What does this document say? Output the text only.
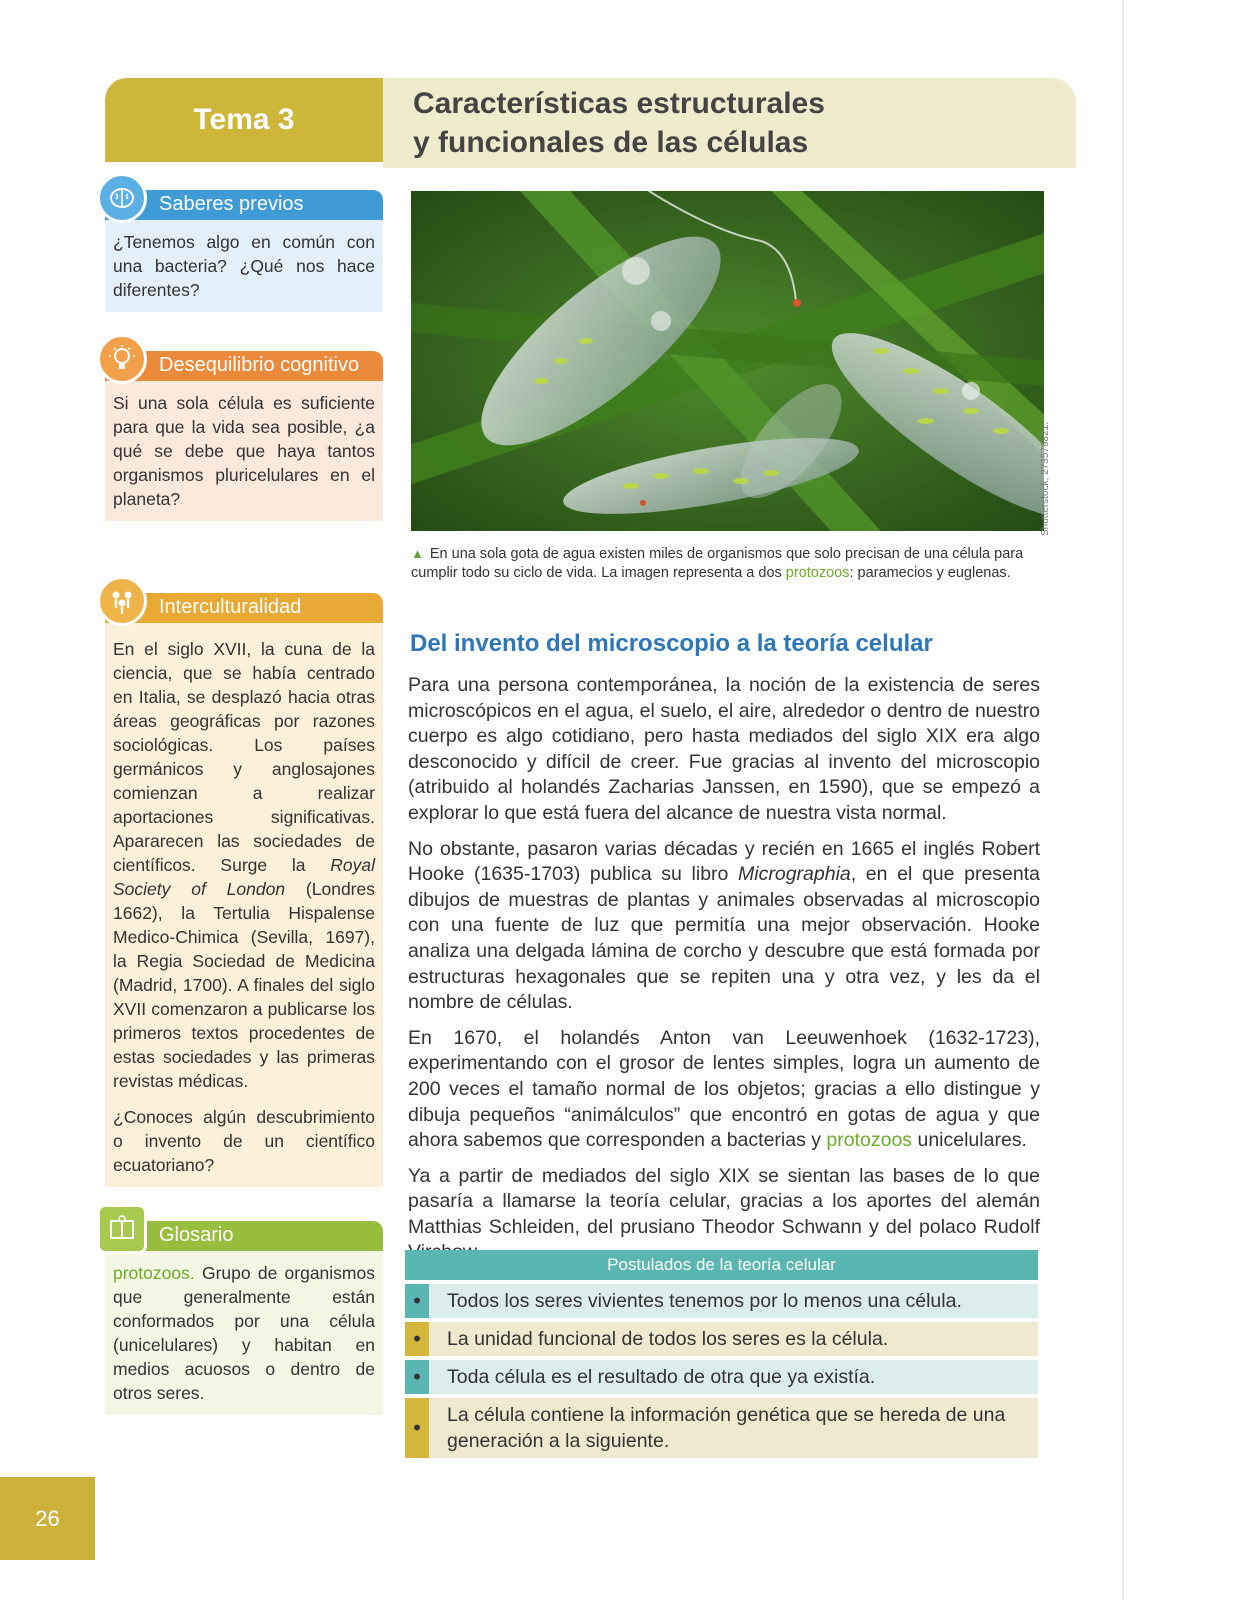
Tema 3	Características estructurales
y funcionales de las células
Saberes previos
¿Tenemos algo en común con una bacteria? ¿Qué nos hace diferentes?
Desequilibrio cognitivo
Si una sola célula es suficiente para que la vida sea posible, ¿a qué se debe que haya tantos organismos pluricelulares en el planeta?
Interculturalidad

En el siglo XVII, la cuna de la ciencia, que se había centrado en Italia, se desplazó hacia otras áreas geográficas por razones sociológicas. Los países germánicos y anglosajones comienzan a realizar aportaciones significativas. Apararecen las sociedades de científicos. Surge la Royal Society of London (Londres 1662), la Tertulia Hispalense Medico-Chimica (Sevilla, 1697), la Regia Sociedad de Medicina (Madrid, 1700). A finales del siglo XVII comenzaron a publicarse los primeros textos procedentes de estas sociedades y las primeras revistas médicas.

¿Conoces algún descubrimiento o invento de un científico ecuatoriano?

Glosario
protozoos. Grupo de organismos que generalmente están conformados por una célula (unicelulares) y habitan en medios acuosos o dentro de otros seres.
Shutterstock, 273579821.
▲ En una sola gota de agua existen miles de organismos que solo precisan de una célula para cumplir todo su ciclo de vida. La imagen representa a dos protozoos: paramecios y euglenas.
Del invento del microscopio a la teoría celular

Para una persona contemporánea, la noción de la existencia de seres microscópicos en el agua, el suelo, el aire, alrededor o dentro de nuestro cuerpo es algo cotidiano, pero hasta mediados del siglo XIX era algo desconocido y difícil de creer. Fue gracias al invento del microscopio (atribuido al holandés Zacharias Janssen, en 1590), que se empezó a explorar lo que está fuera del alcance de nuestra vista normal.

No obstante, pasaron varias décadas y recién en 1665 el inglés Robert Hooke (1635-1703) publica su libro Micrographia, en el que presenta dibujos de muestras de plantas y animales observadas al microscopio con una fuente de luz que permitía una mejor observación. Hooke analiza una delgada lámina de corcho y descubre que está formada por estructuras hexagonales que se repiten una y otra vez, y les da el nombre de células.

En 1670, el holandés Anton van Leeuwenhoek (1632-1723), experimentando con el grosor de lentes simples, logra un aumento de 200 veces el tamaño normal de los objetos; gracias a ello distingue y dibuja pequeños “animálculos” que encontró en gotas de agua y que ahora sabemos que corresponden a bacterias y protozoos unicelulares.

Ya a partir de mediados del siglo XIX se sientan las bases de lo que pasaría a llamarse la teoría celular, gracias a los aportes del alemán Matthias Schleiden, del prusiano Theodor Schwann y del polaco Rudolf

Postulados de la teoría celular
•	Todos los seres vivientes tenemos por lo menos una célula.
•	La unidad funcional de todos los seres es la célula.
•	Toda célula es el resultado de otra que ya existía.
•
La célula contiene la información genética que se hereda de una generación a la siguiente.
26
